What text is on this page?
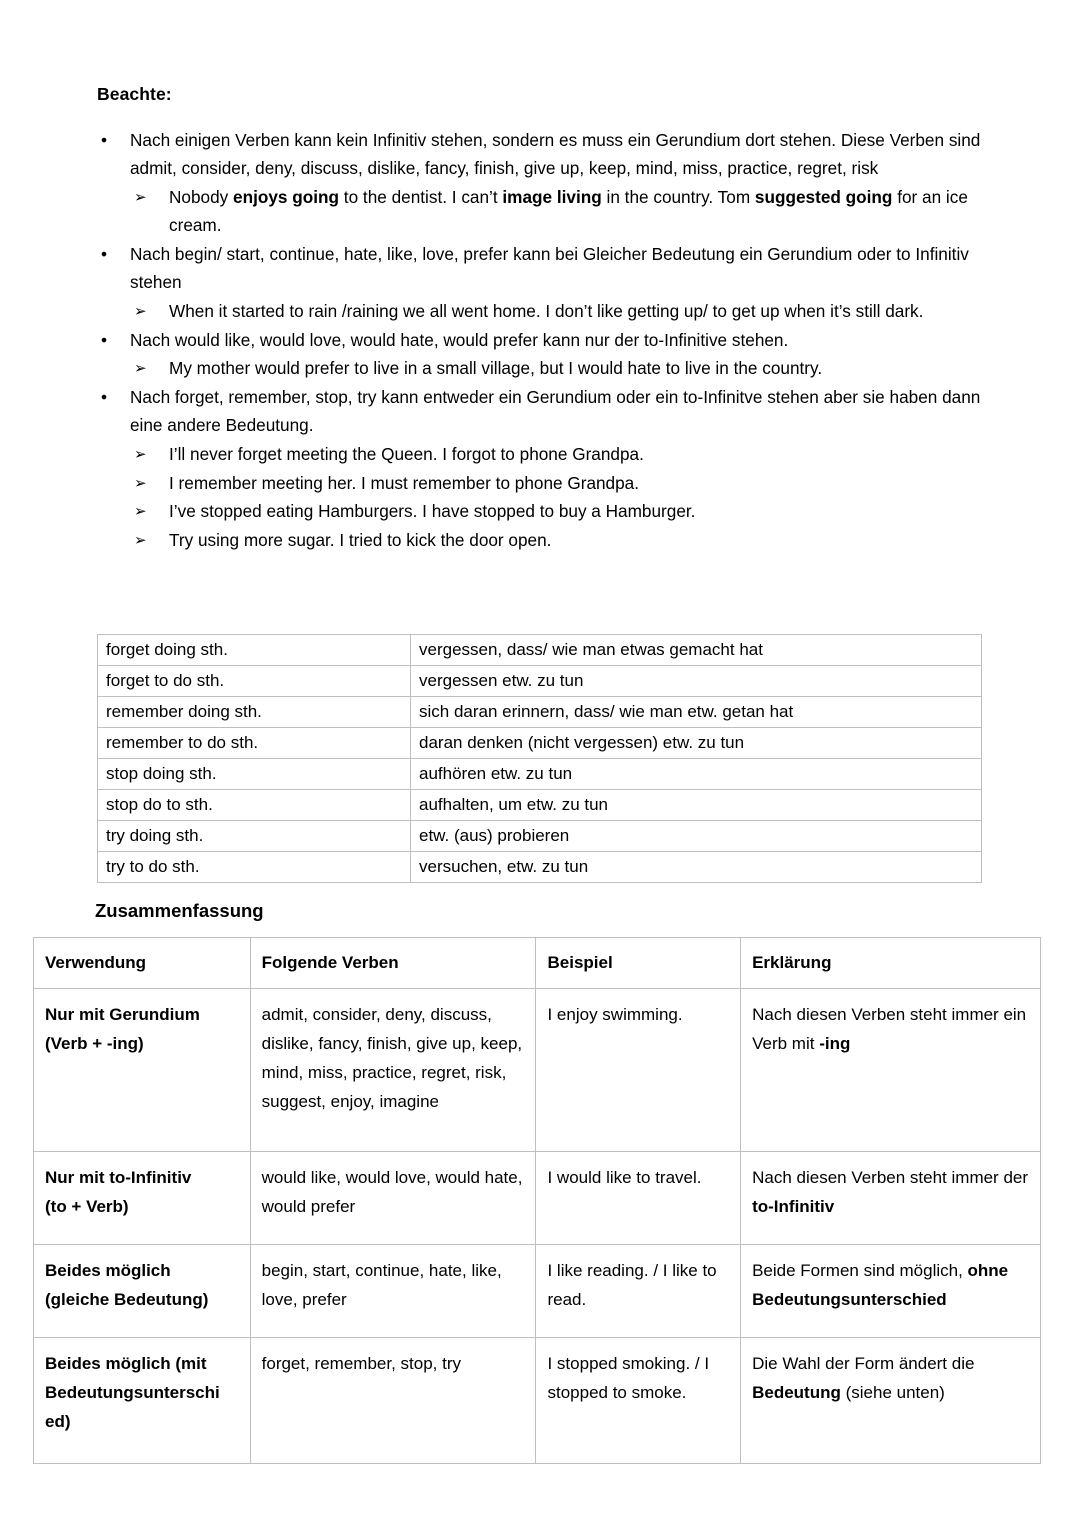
Beachte:
• Nach einigen Verben kann kein Infinitiv stehen, sondern es muss ein Gerundium dort stehen. Diese Verben sind admit, consider, deny, discuss, dislike, fancy, finish, give up, keep, mind, miss, practice, regret, risk
➢ Nobody enjoys going to the dentist. I can’t image living in the country. Tom suggested going for an ice cream.
• Nach begin/ start, continue, hate, like, love, prefer kann bei Gleicher Bedeutung ein Gerundium oder to Infinitiv stehen
➢ When it started to rain /raining we all went home. I don’t like getting up/ to get up when it’s still dark.
• Nach would like, would love, would hate, would prefer kann nur der to-Infinitive stehen.
➢ My mother would prefer to live in a small village, but I would hate to live in the country.
• Nach forget, remember, stop, try kann entweder ein Gerundium oder ein to-Infinitve stehen aber sie haben dann eine andere Bedeutung.
➢ I’ll never forget meeting the Queen. I forgot to phone Grandpa.
➢ I remember meeting her. I must remember to phone Grandpa.
➢ I’ve stopped eating Hamburgers. I have stopped to buy a Hamburger.
➢ Try using more sugar. I tried to kick the door open.
forget doing sth.	vergessen, dass/ wie man etwas gemacht hat
forget to do sth.	vergessen etw. zu tun
remember doing sth.	sich daran erinnern, dass/ wie man etw. getan hat
remember to do sth.	daran denken (nicht vergessen) etw. zu tun
stop doing sth.	aufhören etw. zu tun
stop do to sth.	aufhalten, um etw. zu tun
try doing sth.	etw. (aus) probieren
try to do sth.	versuchen, etw. zu tun
Zusammenfassung
Verwendung	Folgende Verben	Beispiel	Erklärung

Nur mit Gerundium
(Verb + -ing)	admit, consider, deny, discuss, dislike, fancy, finish, give up, keep, mind, miss, practice, regret, risk, suggest, enjoy, imagine	I enjoy swimming.	Nach diesen Verben steht immer ein Verb mit -ing

Nur mit to-Infinitiv
(to + Verb)	would like, would love, would hate, would prefer	I would like to travel.	Nach diesen Verben steht immer der to-Infinitiv

Beides möglich
(gleiche Bedeutung)	begin, start, continue, hate, like, love, prefer	I like reading. / I like to read.	Beide Formen sind möglich, ohne Bedeutungsunterschied

Beides möglich (mit
Bedeutungsunterschi ed)	forget, remember, stop, try	I stopped smoking. / I stopped to smoke.	Die Wahl der Form ändert die Bedeutung (siehe unten)
